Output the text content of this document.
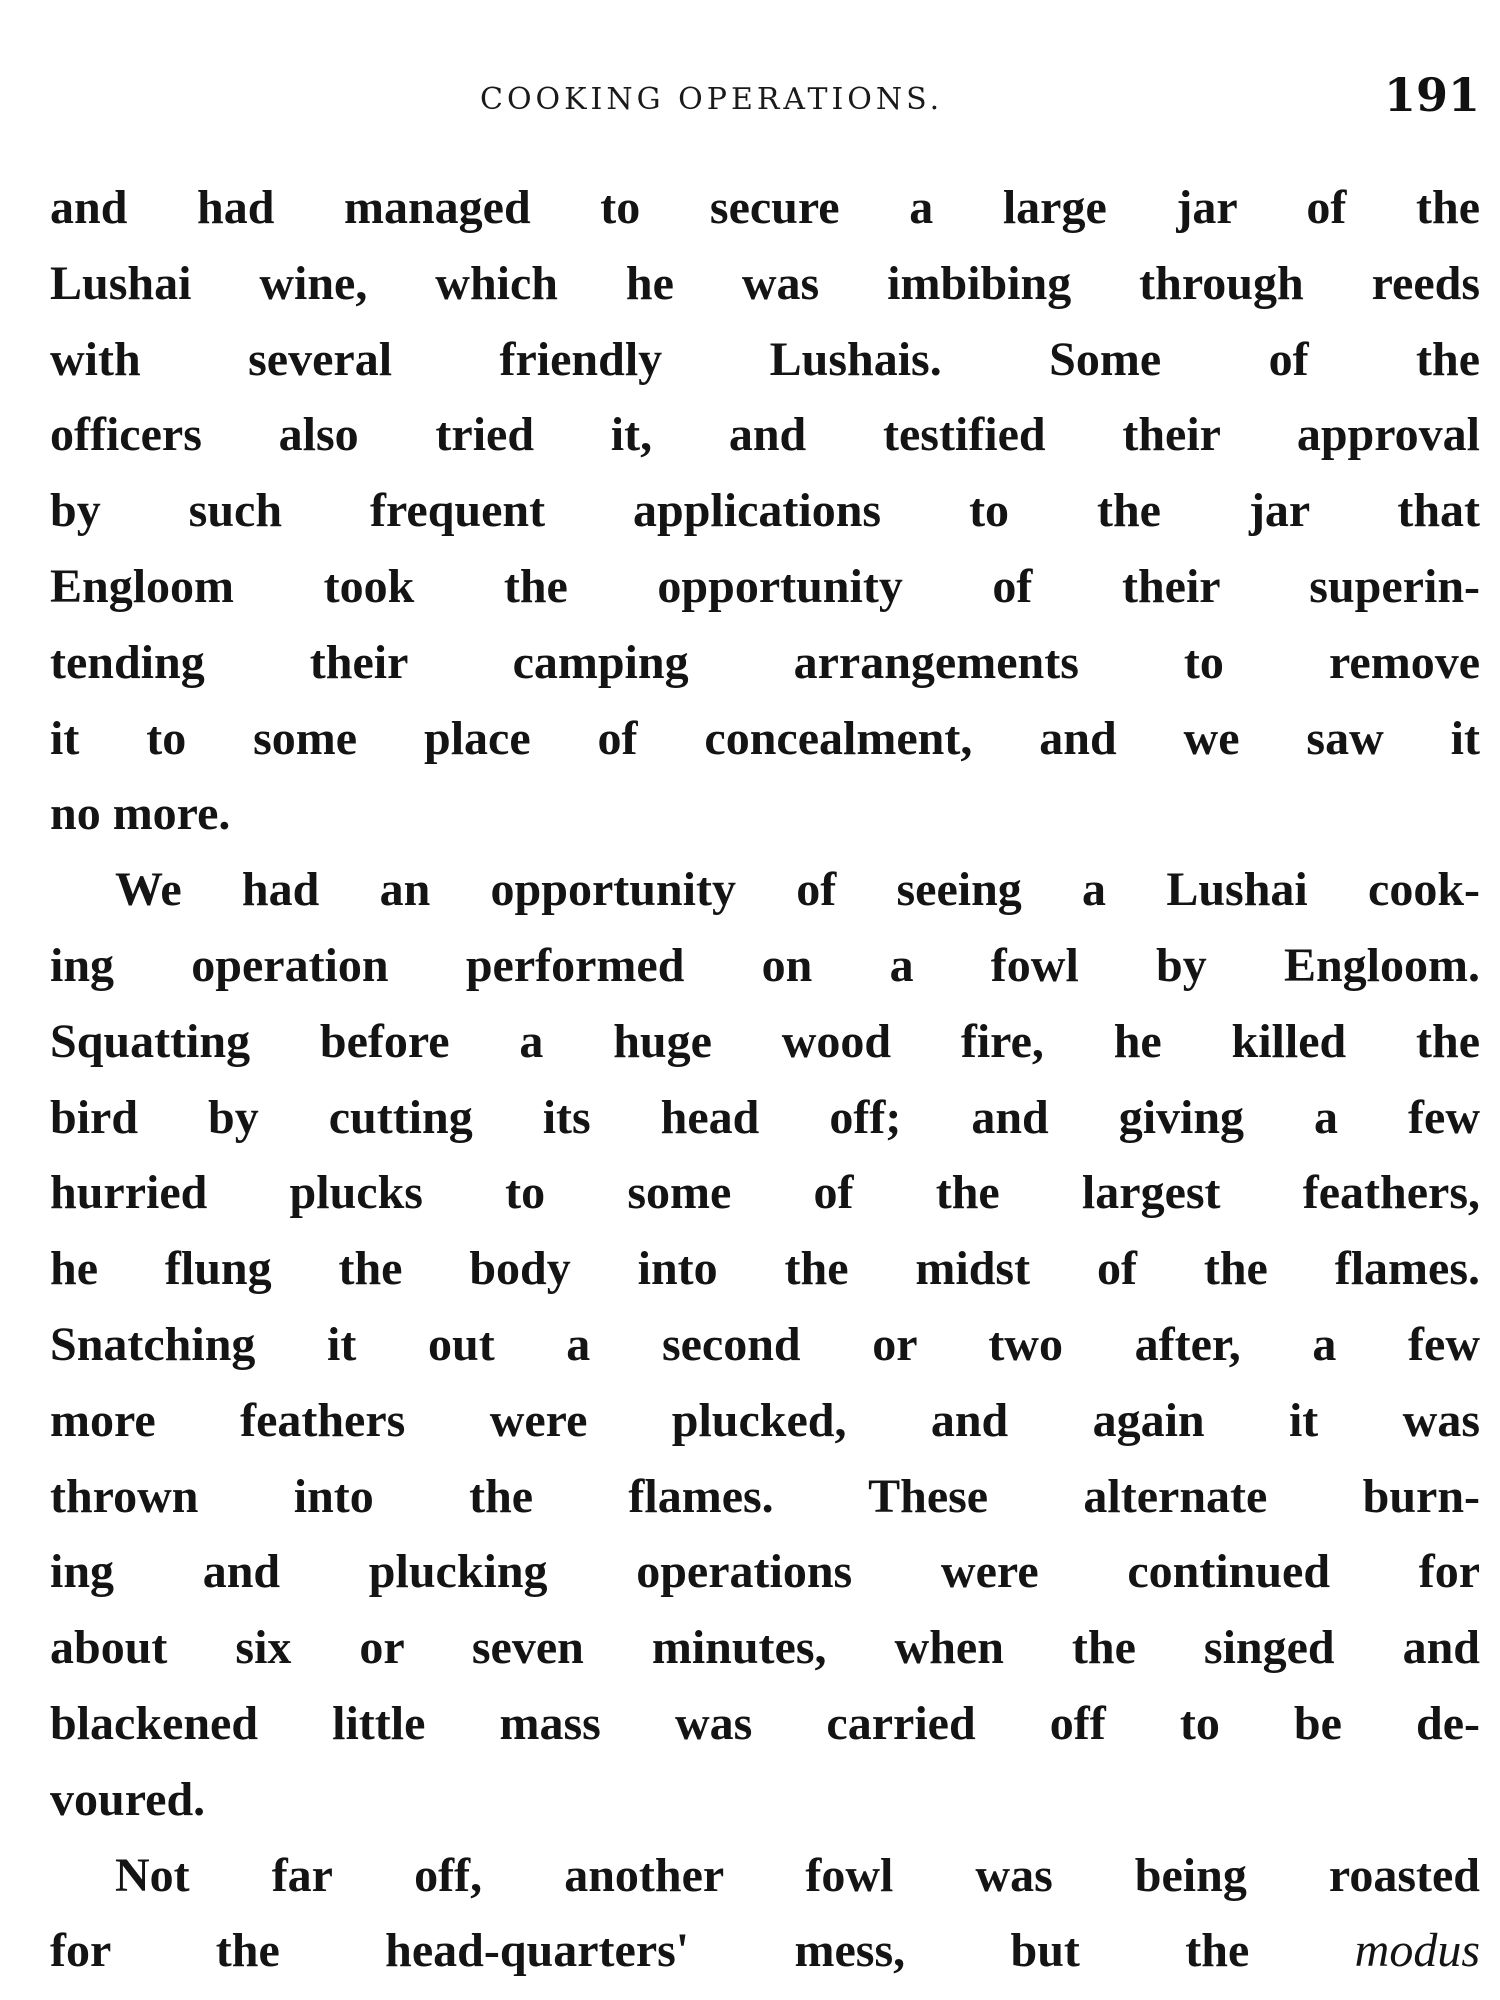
COOKING OPERATIONS.	191
and had managed to secure a large jar of the
Lushai wine, which he was imbibing through reeds
with several friendly Lushais. Some of the
officers also tried it, and testified their approval
by such frequent applications to the jar that
Engloom took the opportunity of their superin-
tending their camping arrangements to remove
it to some place of concealment, and we saw it
no more.
We had an opportunity of seeing a Lushai cook-
ing operation performed on a fowl by Engloom.
Squatting before a huge wood fire, he killed the
bird by cutting its head off; and giving a few
hurried plucks to some of the largest feathers,
he flung the body into the midst of the flames.
Snatching it out a second or two after, a few
more feathers were plucked, and again it was
thrown into the flames. These alternate burn-
ing and plucking operations were continued for
about six or seven minutes, when the singed and
blackened little mass was carried off to be de-
voured.
Not far off, another fowl was being roasted
for the head-quarters' mess, but the modus
